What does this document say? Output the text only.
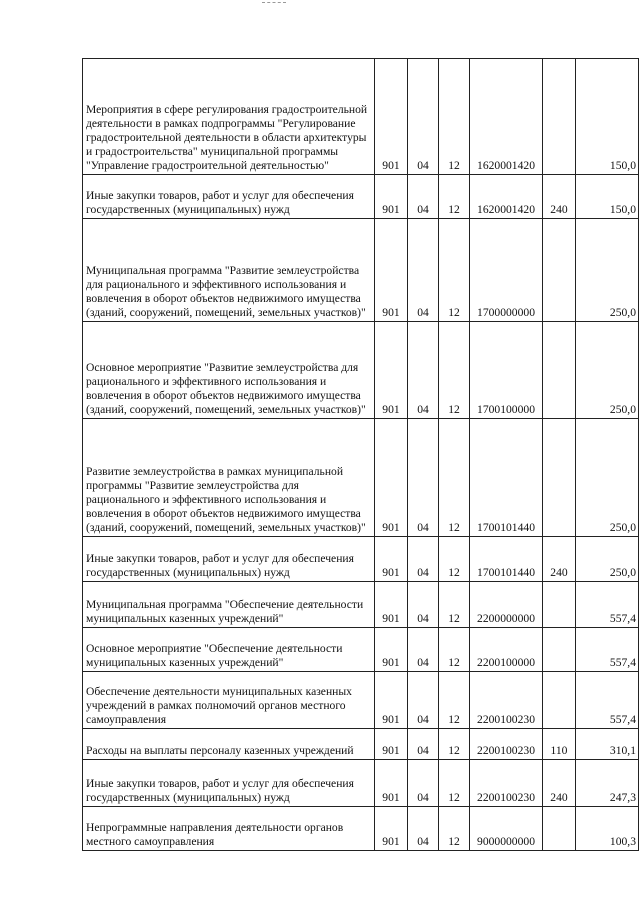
Мероприятия в сфере регулирования градостроительной деятельности в рамках подпрограммы "Регулирование градостроительной деятельности в области архитектуры и градостроительства" муниципальной программы "Управление градостроительной деятельностью"	901	04	12	1620001420		150,0
Иные закупки товаров, работ и услуг для обеспечения государственных (муниципальных) нужд	901	04	12	1620001420	240	150,0
Муниципальная программа "Развитие землеустройства для рационального и эффективного использования и вовлечения в оборот объектов недвижимого имущества (зданий, сооружений, помещений, земельных участков)"	901	04	12	1700000000		250,0
Основное мероприятие "Развитие землеустройства для рационального и эффективного использования и вовлечения в оборот объектов недвижимого имущества (зданий, сооружений, помещений, земельных участков)"	901	04	12	1700100000		250,0
Развитие землеустройства в рамках муниципальной программы "Развитие землеустройства для рационального и эффективного использования и вовлечения в оборот объектов недвижимого имущества (зданий, сооружений, помещений, земельных участков)"	901	04	12	1700101440		250,0
Иные закупки товаров, работ и услуг для обеспечения государственных (муниципальных) нужд	901	04	12	1700101440	240	250,0
Муниципальная программа "Обеспечение деятельности муниципальных казенных учреждений"	901	04	12	2200000000		557,4
Основное мероприятие "Обеспечение деятельности муниципальных казенных учреждений"	901	04	12	2200100000		557,4
Обеспечение деятельности муниципальных казенных учреждений в рамках полномочий органов местного самоуправления	901	04	12	2200100230		557,4
Расходы на выплаты персоналу казенных учреждений	901	04	12	2200100230	110	310,1
Иные закупки товаров, работ и услуг для обеспечения государственных (муниципальных) нужд	901	04	12	2200100230	240	247,3
Непрограммные направления деятельности органов местного самоуправления	901	04	12	9000000000		100,3
